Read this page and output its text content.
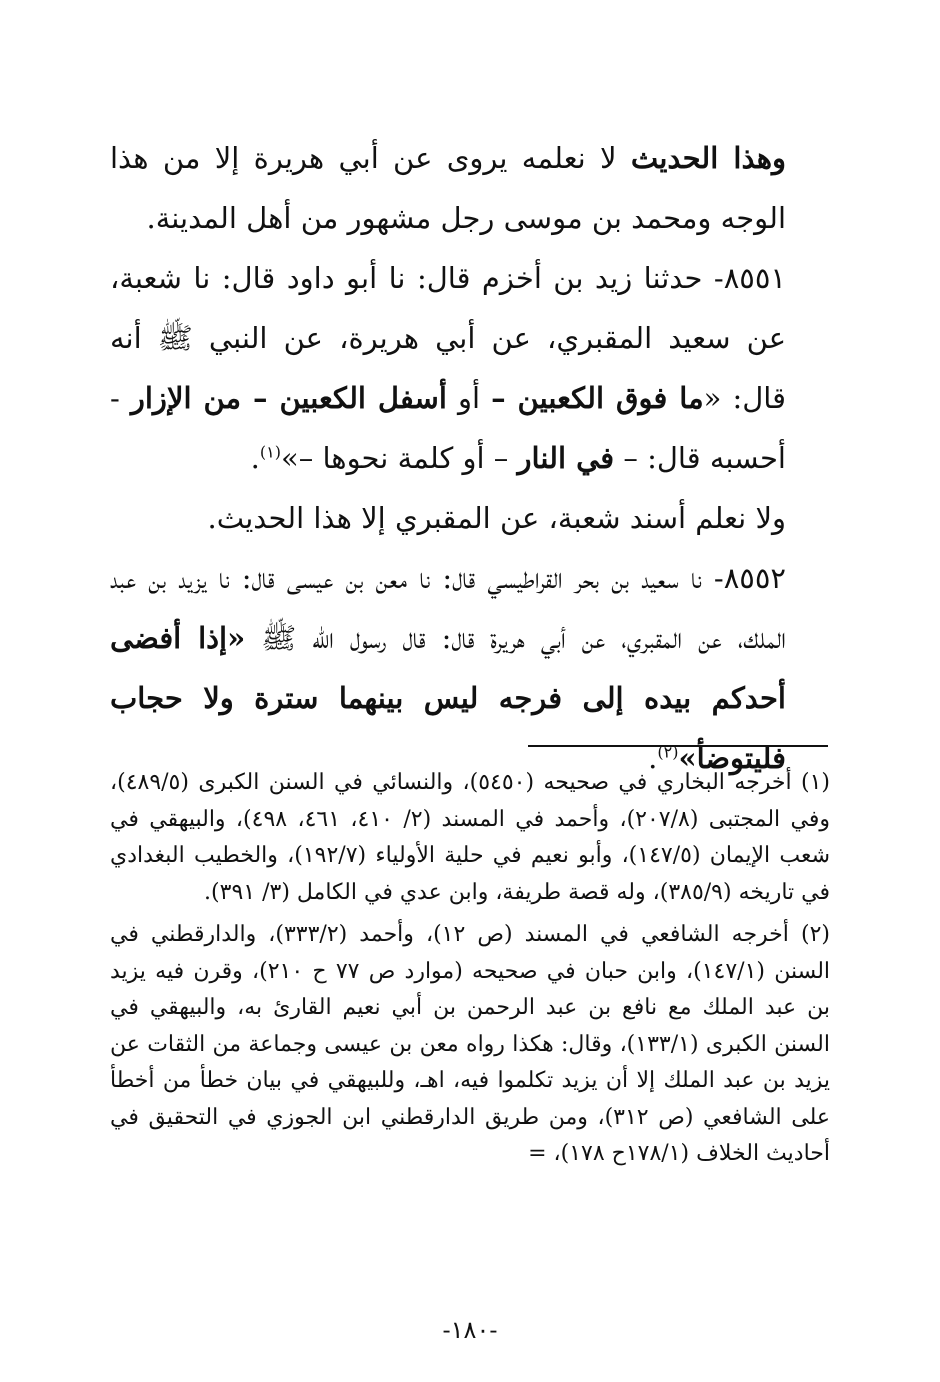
وهذا الحديث لا نعلمه يروى عن أبي هريرة إلا من هذا الوجه ومحمد بن موسى رجل مشهور من أهل المدينة.

٨٥٥١- حدثنا زيد بن أخزم قال: نا أبو داود قال: نا شعبة، عن سعيد المقبري، عن أبي هريرة، عن النبي ﷺ أنه قال: «ما فوق الكعبين – أو أسفل الكعبين – من الإزار - أحسبه قال: – في النار – أو كلمة نحوها –»$^{(١)}$.

ولا نعلم أسند شعبة، عن المقبري إلا هذا الحديث.

٨٥٥٢- نا سعيد بن بحر القراطيسي قال: نا معن بن عيسى قال: نا يزيد بن عبد الملك، عن المقبري، عن أبي هريرة قال: قال رسول الله ﷺ «إذا أفضى أحدكم بيده إلى فرجه ليس بينهما سترة ولا حجاب فليتوضأ»$^{(٢)}$.

(١) أخرجه البخاري في صحيحه (٥٤٥٠)، والنسائي في السنن الكبرى (٤٨٩/٥)، وفي المجتبى (٢٠٧/٨)، وأحمد في المسند (٢/ ٤١٠، ٤٦١، ٤٩٨)، والبيهقي في شعب الإيمان (١٤٧/٥)، وأبو نعيم في حلية الأولياء (١٩٢/٧)، والخطيب البغدادي في تاريخه (٣٨٥/٩)، وله قصة طريفة، وابن عدي في الكامل (٣/ ٣٩١).

(٢) أخرجه الشافعي في المسند (ص ١٢)، وأحمد (٣٣٣/٢)، والدارقطني في السنن (١٤٧/١)، وابن حبان في صحيحه (موارد ص ٧٧ ح ٢١٠)، وقرن فيه يزيد بن عبد الملك مع نافع بن عبد الرحمن بن أبي نعيم القارئ به، والبيهقي في السنن الكبرى (١٣٣/١)، وقال: هكذا رواه معن بن عيسى وجماعة من الثقات عن يزيد بن عبد الملك إلا أن يزيد تكلموا فيه، اهـ، وللبيهقي في بيان خطأ من أخطأ على الشافعي (ص ٣١٢)، ومن طريق الدارقطني ابن الجوزي في التحقيق في أحاديث الخلاف (١٧٨/١ح ١٧٨)، =

-١٨٠-
